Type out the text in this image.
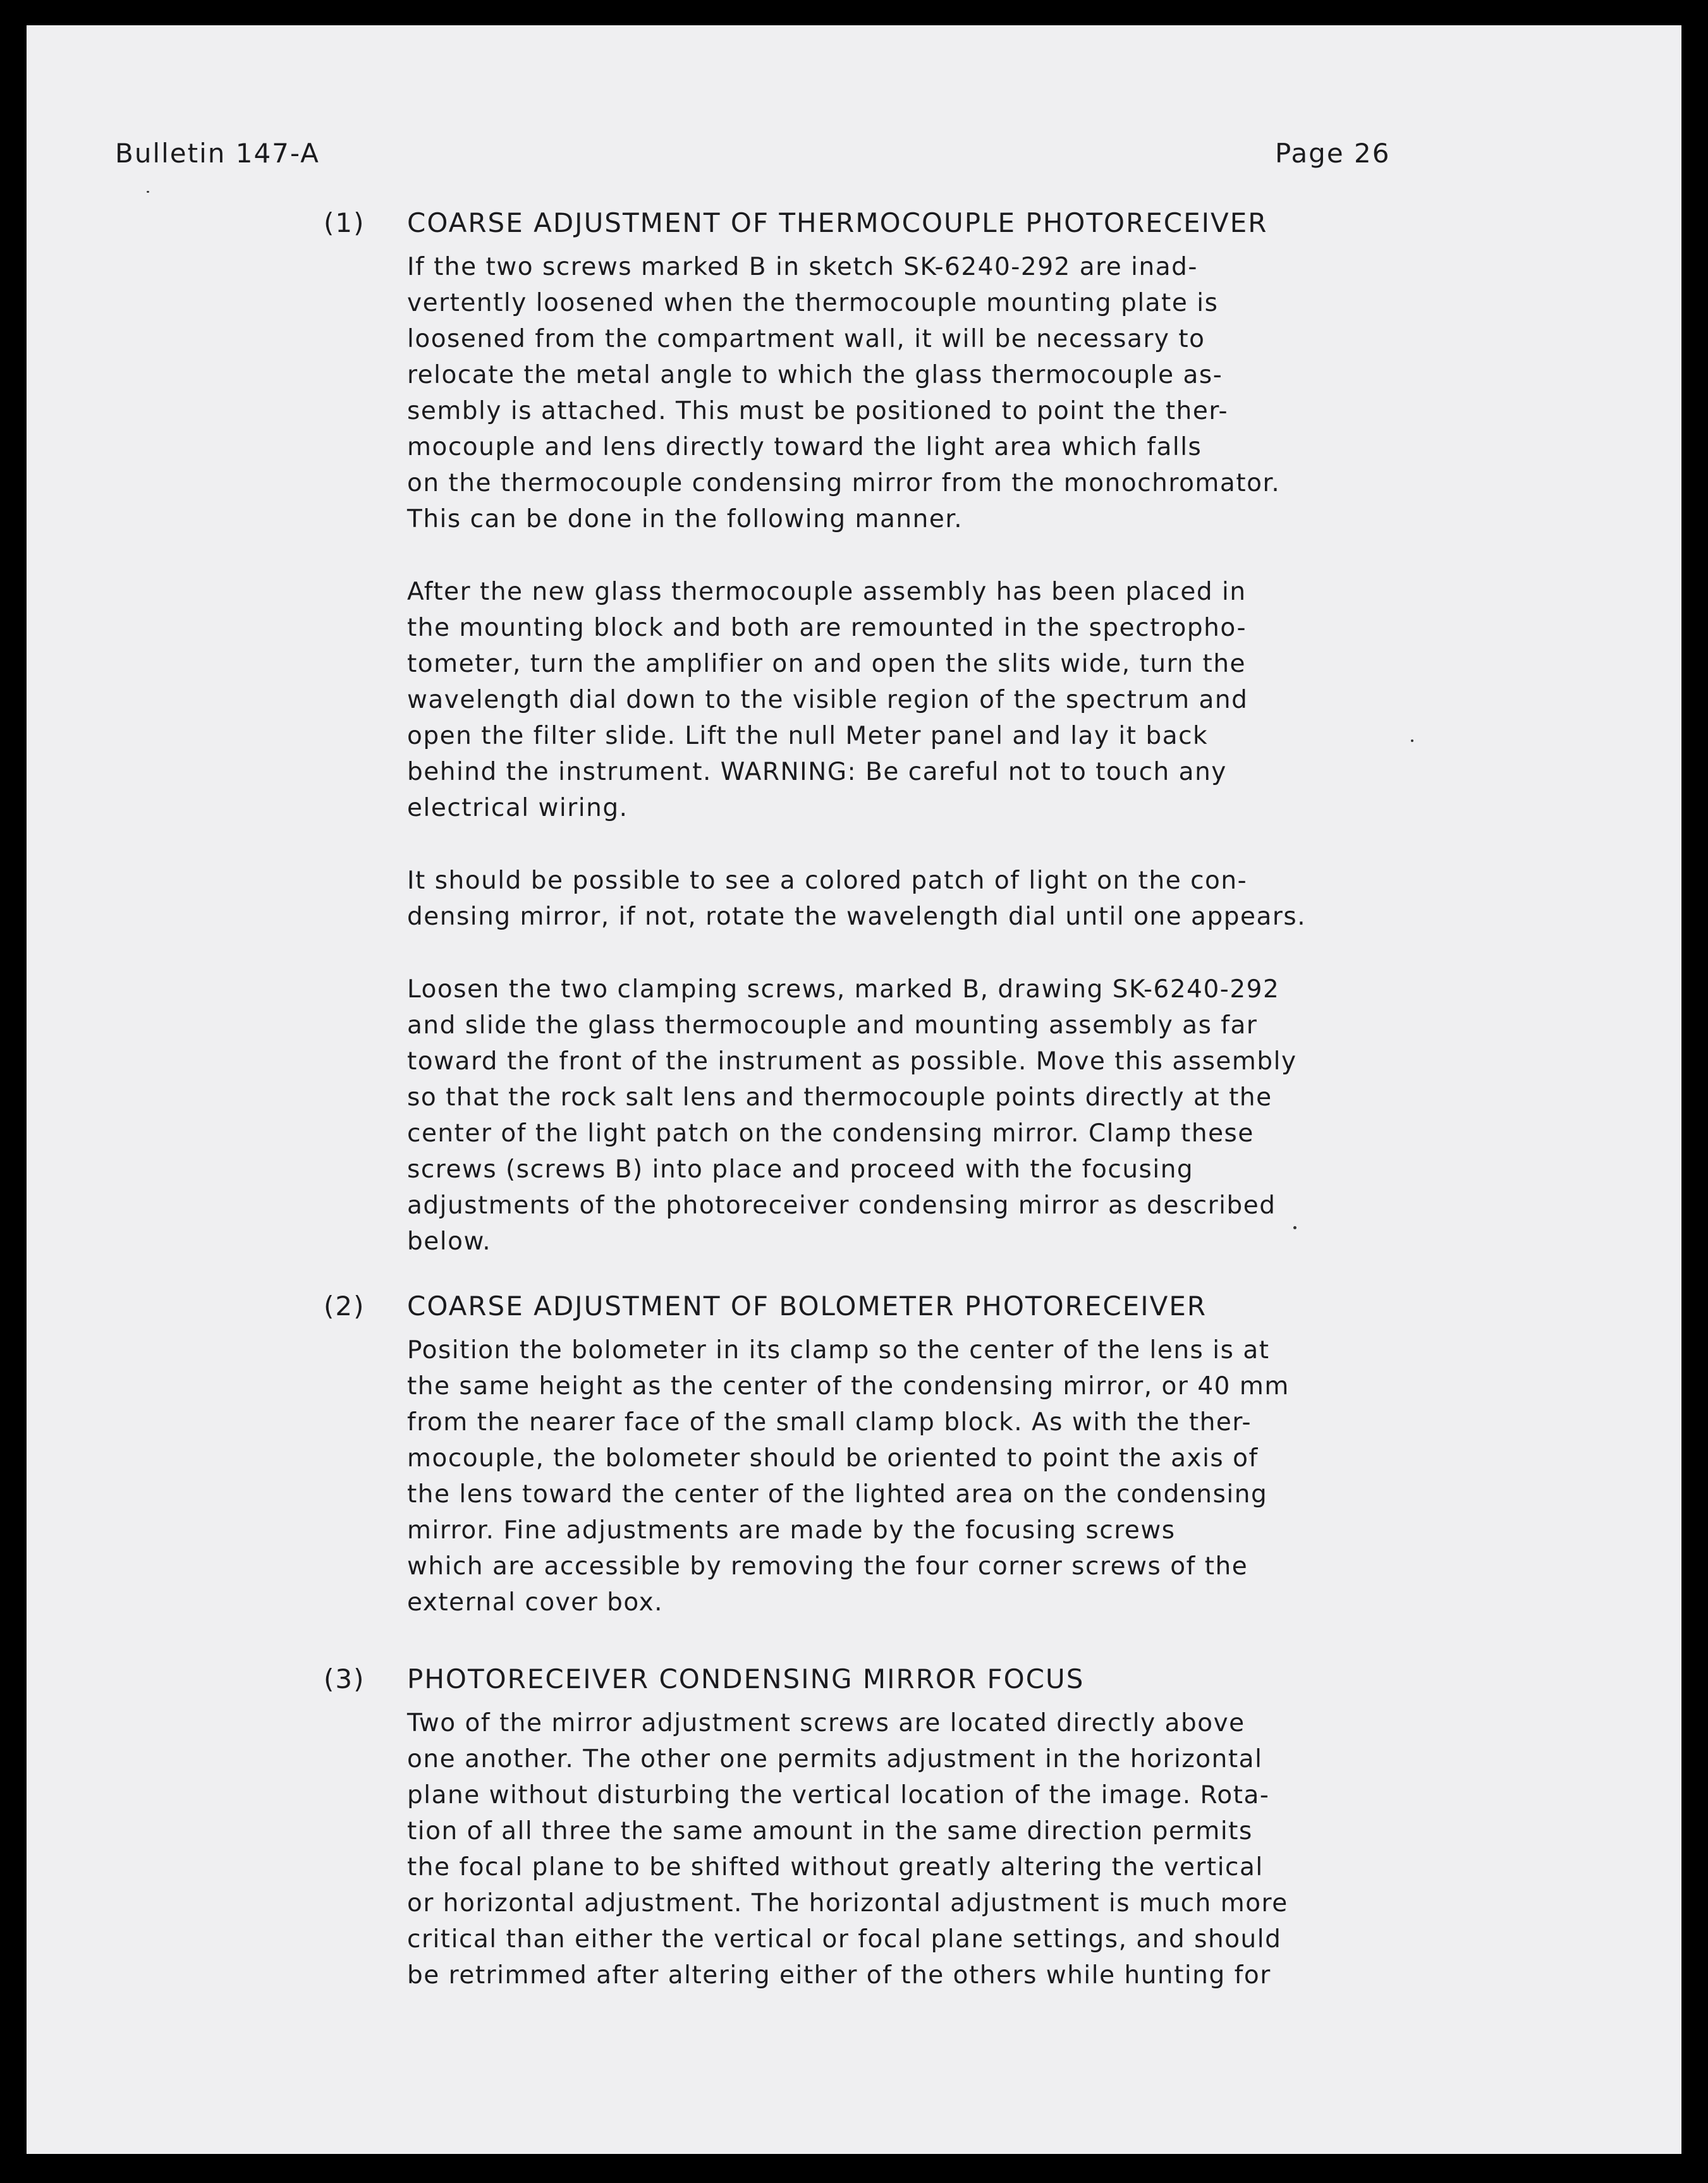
Bulletin 147-A	Page 26
(1) COARSE ADJUSTMENT OF THERMOCOUPLE PHOTORECEIVER
If the two screws marked B in sketch SK-6240-292 are inad-
vertently loosened when the thermocouple mounting plate is
loosened from the compartment wall, it will be necessary to
relocate the metal angle to which the glass thermocouple as-
sembly is attached. This must be positioned to point the ther-
mocouple and lens directly toward the light area which falls
on the thermocouple condensing mirror from the monochromator.
This can be done in the following manner.
After the new glass thermocouple assembly has been placed in
the mounting block and both are remounted in the spectropho-
tometer, turn the amplifier on and open the slits wide, turn the
wavelength dial down to the visible region of the spectrum and
open the filter slide. Lift the null Meter panel and lay it back
behind the instrument. WARNING: Be careful not to touch any
electrical wiring.
It should be possible to see a colored patch of light on the con-
densing mirror, if not, rotate the wavelength dial until one appears.
Loosen the two clamping screws, marked B, drawing SK-6240-292
and slide the glass thermocouple and mounting assembly as far
toward the front of the instrument as possible. Move this assembly
so that the rock salt lens and thermocouple points directly at the
center of the light patch on the condensing mirror. Clamp these
screws (screws B) into place and proceed with the focusing
adjustments of the photoreceiver condensing mirror as described
below.
(2) COARSE ADJUSTMENT OF BOLOMETER PHOTORECEIVER
Position the bolometer in its clamp so the center of the lens is at
the same height as the center of the condensing mirror, or 40 mm
from the nearer face of the small clamp block. As with the ther-
mocouple, the bolometer should be oriented to point the axis of
the lens toward the center of the lighted area on the condensing
mirror. Fine adjustments are made by the focusing screws
which are accessible by removing the four corner screws of the
external cover box.
(3) PHOTORECEIVER CONDENSING MIRROR FOCUS
Two of the mirror adjustment screws are located directly above
one another. The other one permits adjustment in the horizontal
plane without disturbing the vertical location of the image. Rota-
tion of all three the same amount in the same direction permits
the focal plane to be shifted without greatly altering the vertical
or horizontal adjustment. The horizontal adjustment is much more
critical than either the vertical or focal plane settings, and should
be retrimmed after altering either of the others while hunting for
